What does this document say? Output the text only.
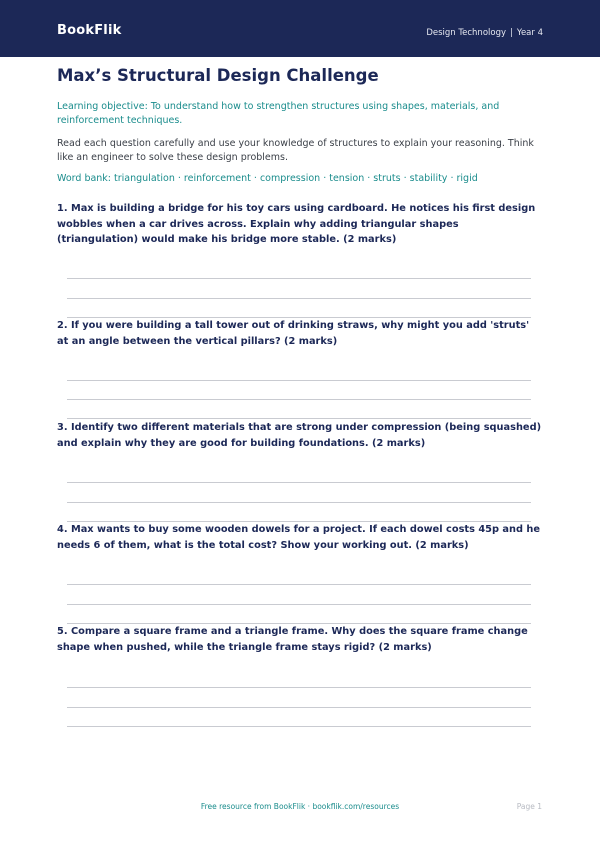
BookFlik	Design Technology | Year 4
Max’s Structural Design Challenge
Learning objective: To understand how to strengthen structures using shapes, materials, and reinforcement techniques.
Read each question carefully and use your knowledge of structures to explain your reasoning. Think like an engineer to solve these design problems.
Word bank: triangulation · reinforcement · compression · tension · struts · stability · rigid
1. Max is building a bridge for his toy cars using cardboard. He notices his first design wobbles when a car drives across. Explain why adding triangular shapes (triangulation) would make his bridge more stable. (2 marks)
2. If you were building a tall tower out of drinking straws, why might you add 'struts' at an angle between the vertical pillars? (2 marks)
3. Identify two different materials that are strong under compression (being squashed) and explain why they are good for building foundations. (2 marks)
4. Max wants to buy some wooden dowels for a project. If each dowel costs 45p and he needs 6 of them, what is the total cost? Show your working out. (2 marks)
5. Compare a square frame and a triangle frame. Why does the square frame change shape when pushed, while the triangle frame stays rigid? (2 marks)
Free resource from BookFlik · bookflik.com/resources	Page 1
